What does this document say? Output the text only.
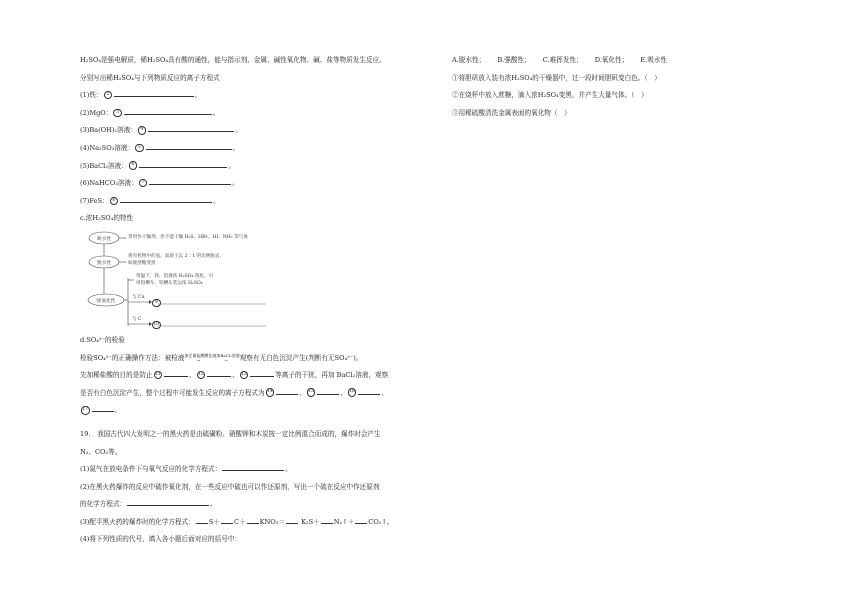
H₂SO₄是强电解质，稀H₂SO₄具有酸的通性，能与指示剂、金属、碱性氧化物、碱、盐等物质发生反应。
分别写出稀H₂SO₄与下列物质反应的离子方程式
(1)铁： 2	。
(2)MgO： 3	。
(3)Ba(OH)₂溶液： 4	。
(4)Na₂SO₃溶液： 5	。
(5)BaCl₂溶液： 6	。
(6)NaHCO₃溶液： 7	。
(7)FeS： 8	。
c.浓H₂SO₄的特性
吸水性
脱水性
强氧化性
常用作干燥剂，但不能干燥 H₂S、HBr、HI、NH₃ 等气体
将有机物中的氢、氧原子以 2∶1 的比例脱去，
如使蔗糖变黑
常温下，铁、铝遇浓 H₂SO₄ 钝化，可
用铝槽车、铝槽车装运浓 H₂SO₄
与 Cu
与 C
9
10
d.SO₄²⁻的检验
检验SO₄²⁻的正确操作方法：被检液加足量盐酸酸化
→滴加BaCl₂溶液
→ 观察有无白色沉淀产生(判断有无SO₄²⁻)。
先加稀盐酸的目的是防止 11	、 12	、 13	等离子的干扰，再加 BaCl₂溶液，观察
是否有白色沉淀产生，整个过程中可能发生反应的离子方程式为 14	、 15	、 16	、
17	。
19.　 我国古代四大发明之一的黑火药是由硫磺粉、硝酸钾和木炭按一定比例混合而成的，爆炸时会产生
N₂、CO₂等。
(1)氮气在放电条件下与氧气反应的化学方程式：	。
(2)在黑火药爆炸的反应中硫作氧化剂，在一些反应中硫也可以作还原剂，写出一个硫在反应中作还原剂
的化学方程式：	。
(3)配平黑火药的爆炸时的化学方程式： S＋ C＋ KNO₃＝ K₂S＋ N₂↑＋ CO₂↑。
(4)将下列性质的代号，填入各小题后面对应的括号中：
A.脱水性； B.强酸性； C.难挥发性； D.氧化性； E.吸水性
①将胆矾放入装有浓H₂SO₄的干燥器中，过一段时间胆矾变白色。（　）
②在烧杯中放入蔗糖，滴入浓H₂SO₄变黑，并产生大量气体。（　）
③用稀硫酸清洗金属表面的氧化物（　）
